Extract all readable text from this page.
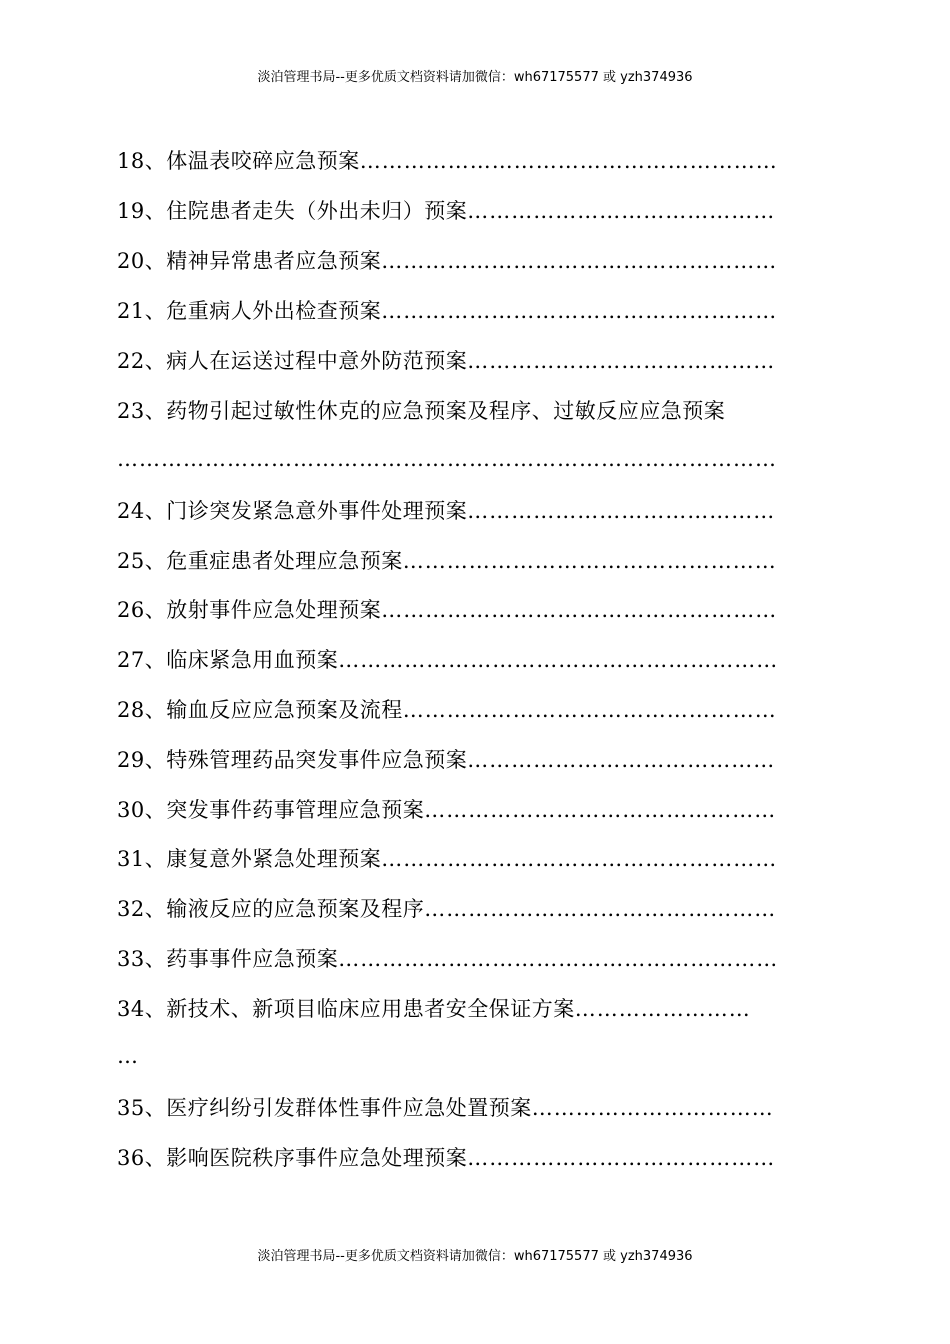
淡泊管理书局--更多优质文档资料请加微信：wh67175577 或 yzh374936
18、体温表咬碎应急预案…………………………………………………
19、住院患者走失（外出未归）预案……………………………………
20、精神异常患者应急预案………………………………………………
21、危重病人外出检查预案………………………………………………
22、病人在运送过程中意外防范预案……………………………………
23、药物引起过敏性休克的应急预案及程序、过敏反应应急预案
………………………………………………………………………………
24、门诊突发紧急意外事件处理预案……………………………………
25、危重症患者处理应急预案……………………………………………
26、放射事件应急处理预案………………………………………………
27、临床紧急用血预案……………………………………………………
28、输血反应应急预案及流程……………………………………………
29、特殊管理药品突发事件应急预案……………………………………
30、突发事件药事管理应急预案…………………………………………
31、康复意外紧急处理预案………………………………………………
32、输液反应的应急预案及程序…………………………………………
33、药事事件应急预案……………………………………………………
34、新技术、新项目临床应用患者安全保证方案……………………
…
35、医疗纠纷引发群体性事件应急处置预案……………………………
36、影响医院秩序事件应急处理预案……………………………………
淡泊管理书局--更多优质文档资料请加微信：wh67175577 或 yzh374936
